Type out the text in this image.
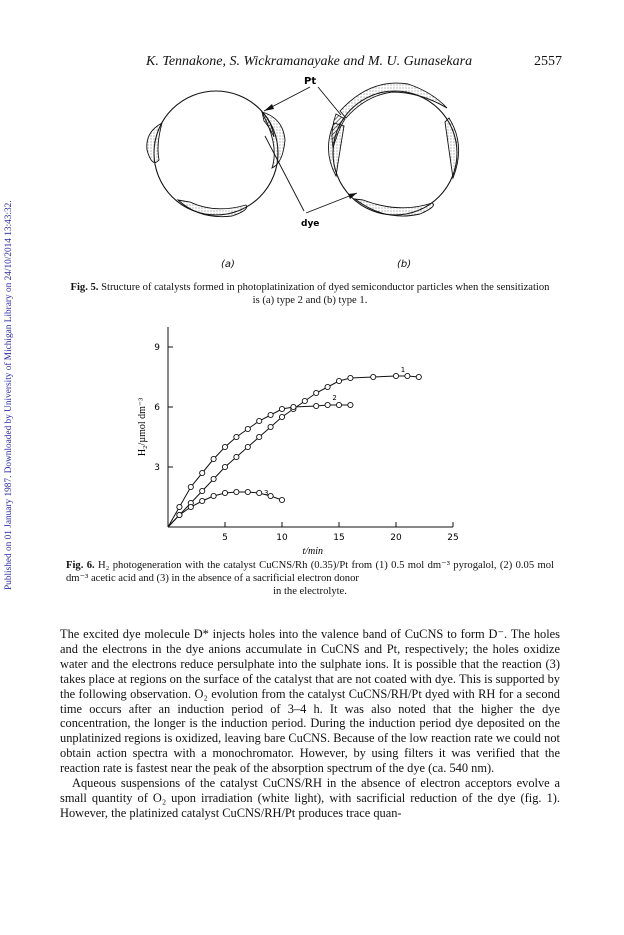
Published on 01 January 1987. Downloaded by University of Michigan Library on 24/10/2014 13:43:32.
K. Tennakone, S. Wickramanayake and M. U. Gunasekara	2557
Pt
dye
(a)	(b)
Fig. 5. Structure of catalysts formed in photoplatinization of dyed semiconductor particles when the sensitization is (a) type 2 and (b) type 1.
5	10	15	20	25
3
6
9
t/min
H₂/µmol dm⁻³
1
2
3
Fig. 6. H₂ photogeneration with the catalyst CuCNS/Rh (0.35)/Pt from (1) 0.5 mol dm⁻³ pyrogalol, (2) 0.05 mol dm⁻³ acetic acid and (3) in the absence of a sacrificial electron donor
in the electrolyte.

The excited dye molecule D* injects holes into the valence band of CuCNS to form D⁻. The holes and the electrons in the dye anions accumulate in CuCNS and Pt, respectively; the holes oxidize water and the electrons reduce persulphate into the sulphate ions. It is possible that the reaction (3) takes place at regions on the surface of the catalyst that are not coated with dye. This is supported by the following observation. O₂ evolution from the catalyst CuCNS/RH/Pt dyed with RH for a second time occurs after an induction period of 3–4 h. It was also noted that the higher the dye concentration, the longer is the induction period. During the induction period dye deposited on the unplatinized regions is oxidized, leaving bare CuCNS. Because of the low reaction rate we could not obtain action spectra with a monochromator. However, by using filters it was verified that the reaction rate is fastest near the peak of the absorption spectrum of the dye (ca. 540 nm).

Aqueous suspensions of the catalyst CuCNS/RH in the absence of electron acceptors evolve a small quantity of O₂ upon irradiation (white light), with sacrificial reduction of the dye (fig. 1). However, the platinized catalyst CuCNS/RH/Pt produces trace quan-
